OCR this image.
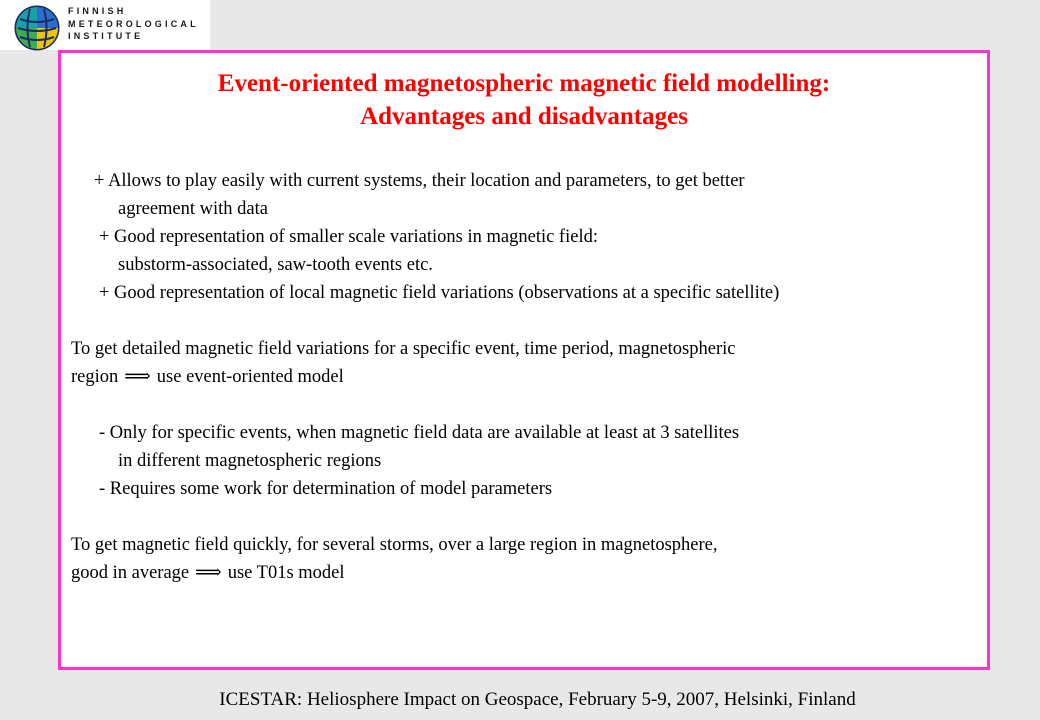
FINNISH
METEOROLOGICAL
INSTITUTE
Event-oriented magnetospheric magnetic field modelling:
Advantages and disadvantages
+ Allows to play easily with current systems, their location and parameters, to get better
agreement with data
+ Good representation of smaller scale variations in magnetic field:
substorm-associated, saw-tooth events etc.
+ Good representation of local magnetic field variations (observations at a specific satellite)
To get detailed magnetic field variations for a specific event, time period, magnetospheric
region ⟹ use event-oriented model
- Only for specific events, when magnetic field data are available at least at 3 satellites
in different magnetospheric regions
- Requires some work for determination of model parameters
To get magnetic field quickly, for several storms, over a large region in magnetosphere,
good in average ⟹ use T01s model
ICESTAR: Heliosphere Impact on Geospace, February 5-9, 2007, Helsinki, Finland
